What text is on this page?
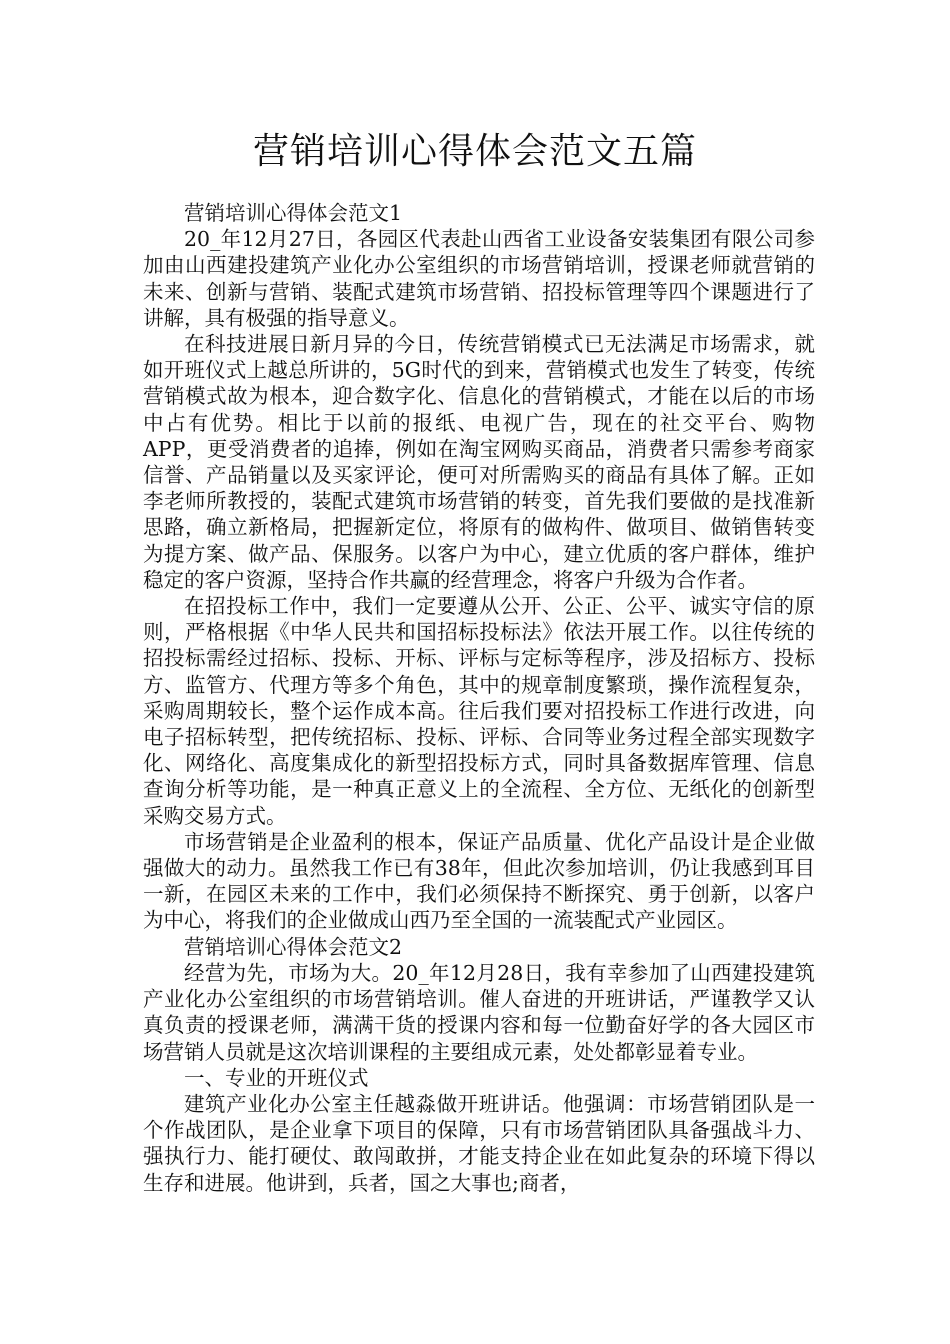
营销培训心得体会范文五篇

营销培训心得体会范文1

20_年12月27日，各园区代表赴山西省工业设备安装集团有限公司参加由山西建投建筑产业化办公室组织的市场营销培训，授课老师就营销的未来、创新与营销、装配式建筑市场营销、招投标管理等四个课题进行了讲解，具有极强的指导意义。

在科技进展日新月异的今日，传统营销模式已无法满足市场需求，就如开班仪式上越总所讲的，5G时代的到来，营销模式也发生了转变，传统营销模式故为根本，迎合数字化、信息化的营销模式，才能在以后的市场中占有优势。相比于以前的报纸、电视广告，现在的社交平台、购物APP，更受消费者的追捧，例如在淘宝网购买商品，消费者只需参考商家信誉、产品销量以及买家评论，便可对所需购买的商品有具体了解。正如李老师所教授的，装配式建筑市场营销的转变，首先我们要做的是找准新思路，确立新格局，把握新定位，将原有的做构件、做项目、做销售转变为提方案、做产品、保服务。以客户为中心，建立优质的客户群体，维护稳定的客户资源，坚持合作共赢的经营理念，将客户升级为合作者。

在招投标工作中，我们一定要遵从公开、公正、公平、诚实守信的原则，严格根据《中华人民共和国招标投标法》依法开展工作。以往传统的招投标需经过招标、投标、开标、评标与定标等程序，涉及招标方、投标方、监管方、代理方等多个角色，其中的规章制度繁琐，操作流程复杂，采购周期较长，整个运作成本高。往后我们要对招投标工作进行改进，向电子招标转型，把传统招标、投标、评标、合同等业务过程全部实现数字化、网络化、高度集成化的新型招投标方式，同时具备数据库管理、信息查询分析等功能，是一种真正意义上的全流程、全方位、无纸化的创新型采购交易方式。

市场营销是企业盈利的根本，保证产品质量、优化产品设计是企业做强做大的动力。虽然我工作已有38年，但此次参加培训，仍让我感到耳目一新，在园区未来的工作中，我们必须保持不断探究、勇于创新，以客户为中心，将我们的企业做成山西乃至全国的一流装配式产业园区。

营销培训心得体会范文2

经营为先，市场为大。20_年12月28日，我有幸参加了山西建投建筑产业化办公室组织的市场营销培训。催人奋进的开班讲话，严谨教学又认真负责的授课老师，满满干货的授课内容和每一位勤奋好学的各大园区市场营销人员就是这次培训课程的主要组成元素，处处都彰显着专业。

一、专业的开班仪式

建筑产业化办公室主任越淼做开班讲话。他强调：市场营销团队是一个作战团队，是企业拿下项目的保障，只有市场营销团队具备强战斗力、强执行力、能打硬仗、敢闯敢拼，才能支持企业在如此复杂的环境下得以生存和进展。他讲到，兵者，国之大事也;商者，
